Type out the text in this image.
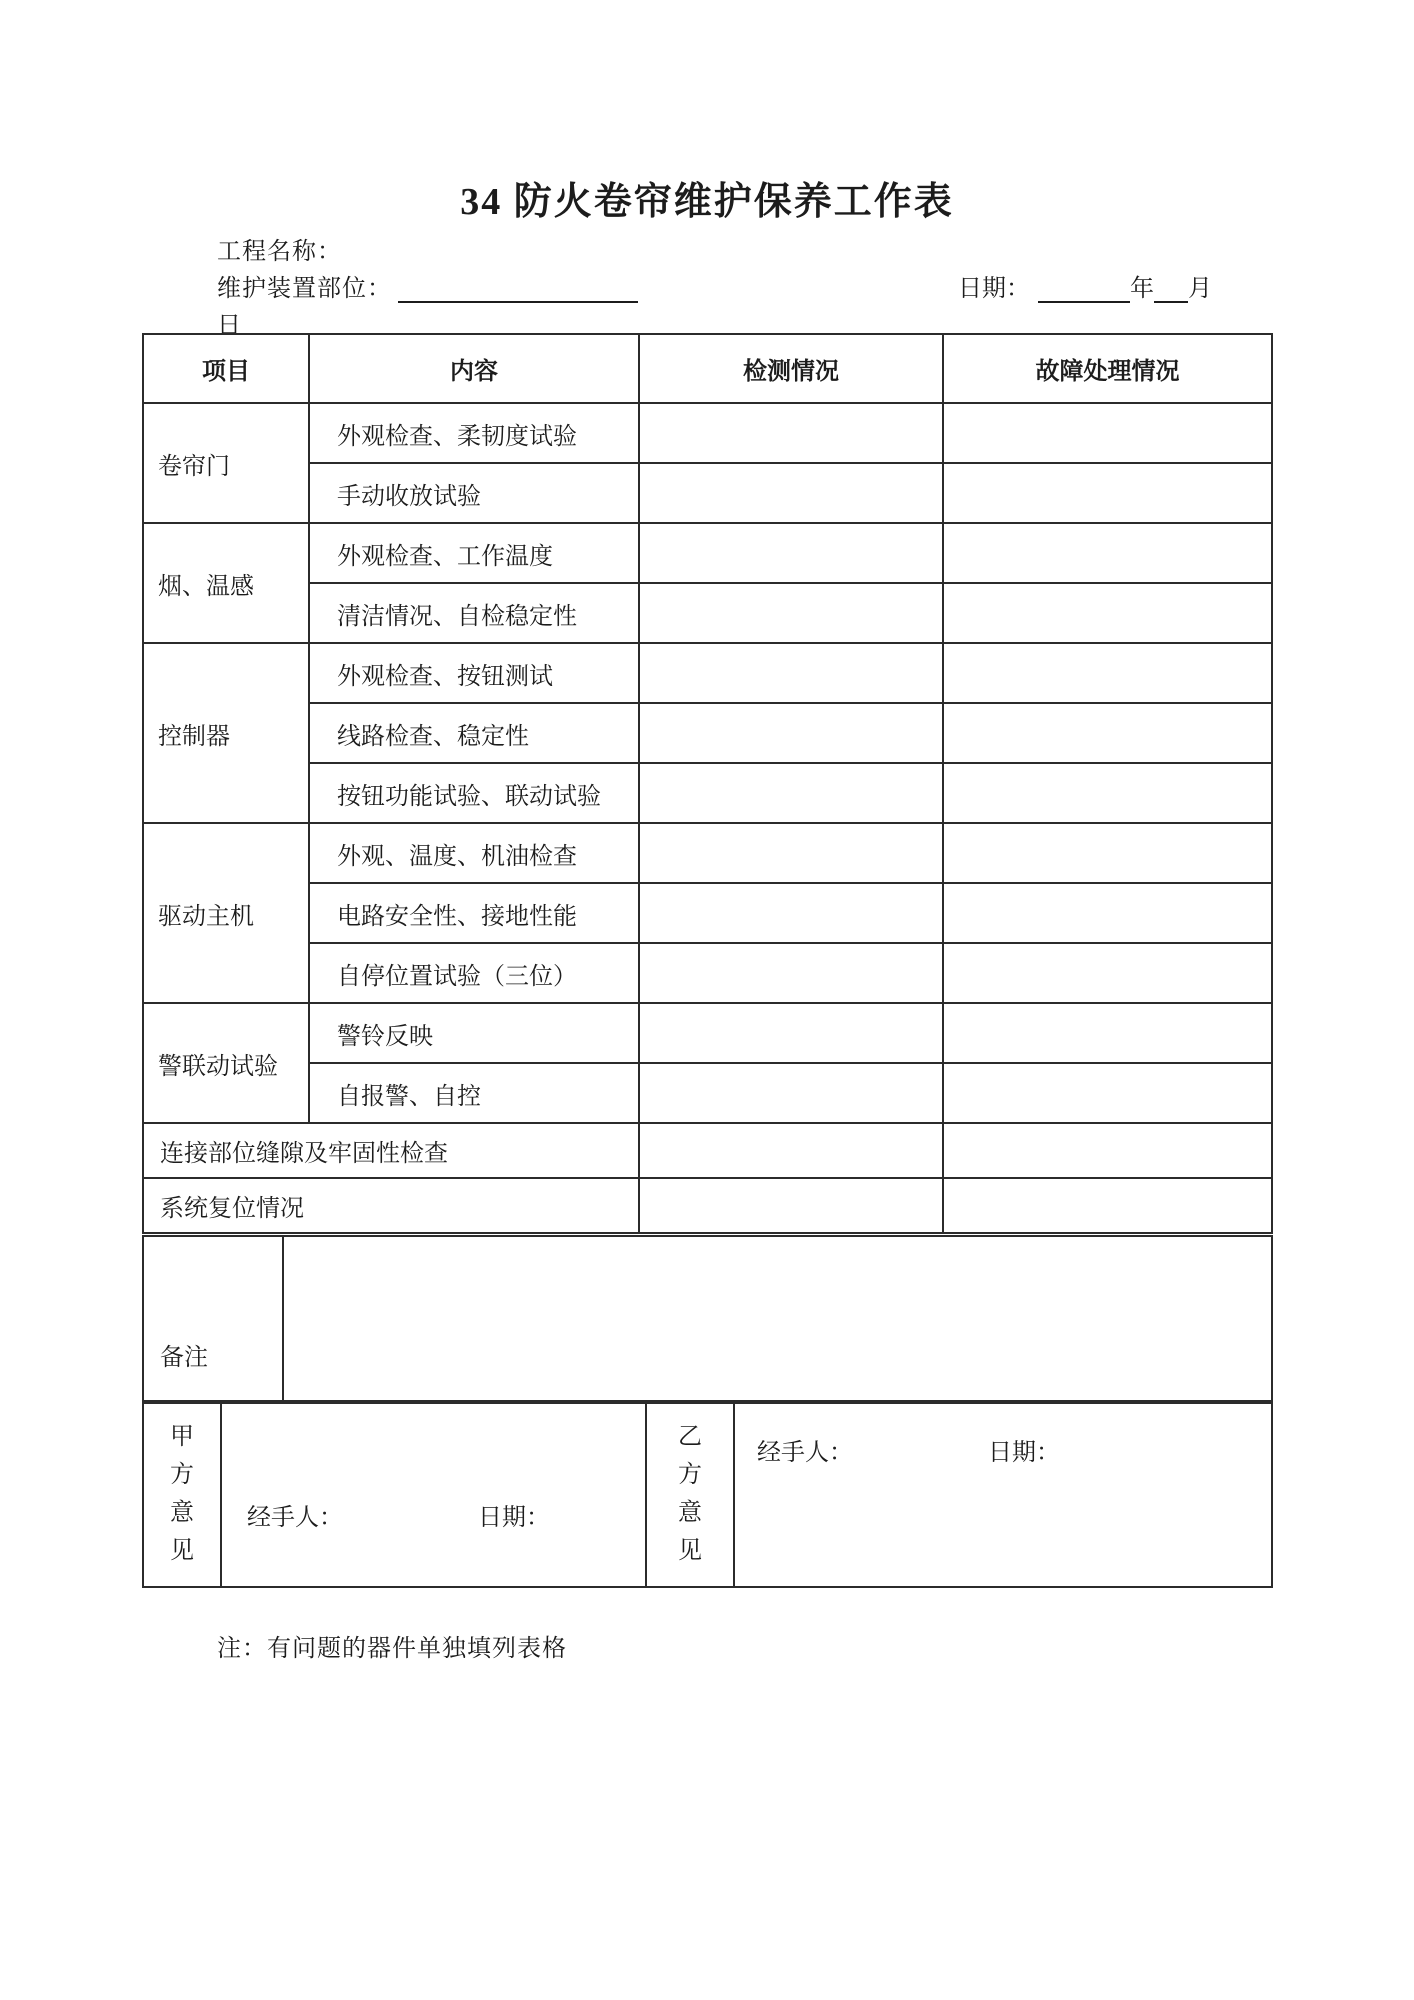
34 防火卷帘维护保养工作表
工程名称：
维护装置部位：	日期：	年 月
日
项目	内容	检测情况	故障处理情况
卷帘门	外观检查、柔韧度试验		
	手动收放试验		
烟、温感	外观检查、工作温度		
	清洁情况、自检稳定性		
控制器	外观检查、按钮测试		
	线路检查、稳定性		
	按钮功能试验、联动试验		
驱动主机	外观、温度、机油检查		
	电路安全性、接地性能		
	自停位置试验（三位）		
警联动试验	警铃反映		
	自报警、自控		
连接部位缝隙及牢固性检查			
系统复位情况			
备注	
甲方意见

经手人：	日期：

乙方意见
	经手人：	日期：
注：有问题的器件单独填列表格
